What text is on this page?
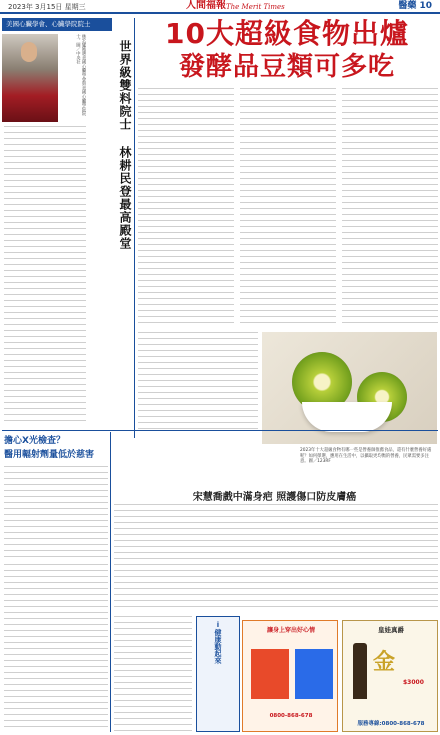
2023年 3月15日 星期三	人間福報 The Merit Times	醫藥 10
美國心臟學會、心臟學院院士
林宏耀獲選美國心臟學會與美國心臟學院院士。圖／中央社	世界級雙料院士 林耕民登最高殿堂
10大超級食物出爐
發酵品豆類可多吃
2023年十大超級食物有哪一些是營養師推薦食品，還有什麼營養好處呢？如何擇選，應用在生活中，以攝取更均衡的營養，民眾需要多注意。圖／123RF
擔心X光檢查？
醫用輻射劑量低於慈害
宋慧喬戲中滿身疤 照護傷口防皮膚癌
i健康動起來	讓身上穿出好心情
0800-868-678
皇娃真爵
金
$3000
服務專線:0800-868-678
